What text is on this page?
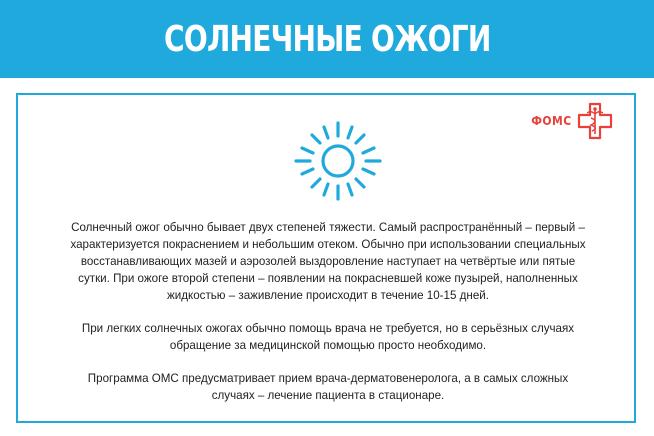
СОЛНЕЧНЫЕ ОЖОГИ
ФОМС

Солнечный ожог обычно бывает двух степеней тяжести. Самый распространённый – первый –
характеризуется покраснением и небольшим отеком. Обычно при использовании специальных
восстанавливающих мазей и аэрозолей выздоровление наступает на четвёртые или пятые
сутки. При ожоге второй степени – появлении на покрасневшей коже пузырей, наполненных
жидкостью – заживление происходит в течение 10-15 дней.

При легких солнечных ожогах обычно помощь врача не требуется, но в серьёзных случаях
обращение за медицинской помощью просто необходимо.

Программа ОМС предусматривает прием врача-дерматовенеролога, а в самых сложных
случаях – лечение пациента в стационаре.
